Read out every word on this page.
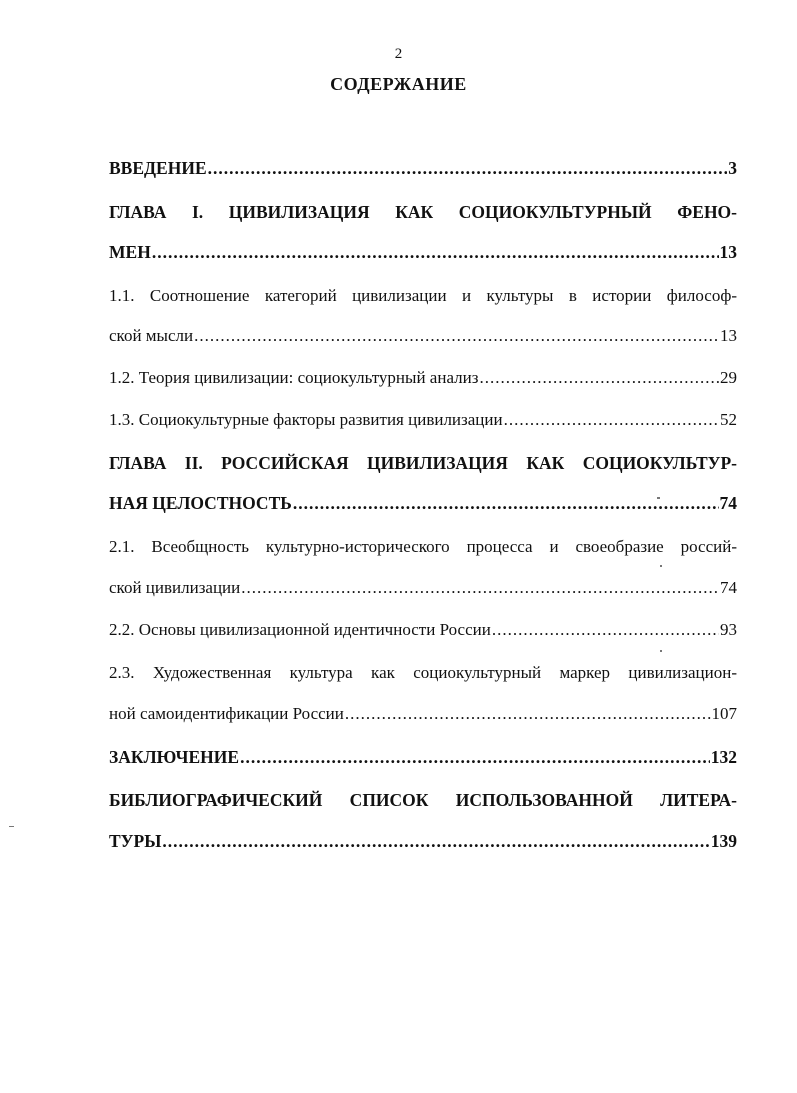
2
СОДЕРЖАНИЕ
ВВЕДЕНИЕ .....	3
ГЛАВА I. ЦИВИЛИЗАЦИЯ КАК СОЦИОКУЛЬТУРНЫЙ ФЕНО-
МЕН .....	13
1.1. Соотношение категорий цивилизации и культуры в истории философ-
ской мысли .....	13
1.2. Теория цивилизации: социокультурный анализ .....	29
1.3. Социокультурные факторы развития цивилизации .....	52
ГЛАВА II. РОССИЙСКАЯ ЦИВИЛИЗАЦИЯ КАК СОЦИОКУЛЬТУР-
НАЯ ЦЕЛОСТНОСТЬ .....	74
2.1. Всеобщность культурно-исторического процесса и своеобразие россий-
ской цивилизации .....	74
2.2. Основы цивилизационной идентичности России .....	93
2.3. Художественная культура как социокультурный маркер цивилизацион-
ной самоидентификации России .....	107
ЗАКЛЮЧЕНИЕ .....	132
БИБЛИОГРАФИЧЕСКИЙ СПИСОК ИСПОЛЬЗОВАННОЙ ЛИТЕРА-
ТУРЫ .....	139
